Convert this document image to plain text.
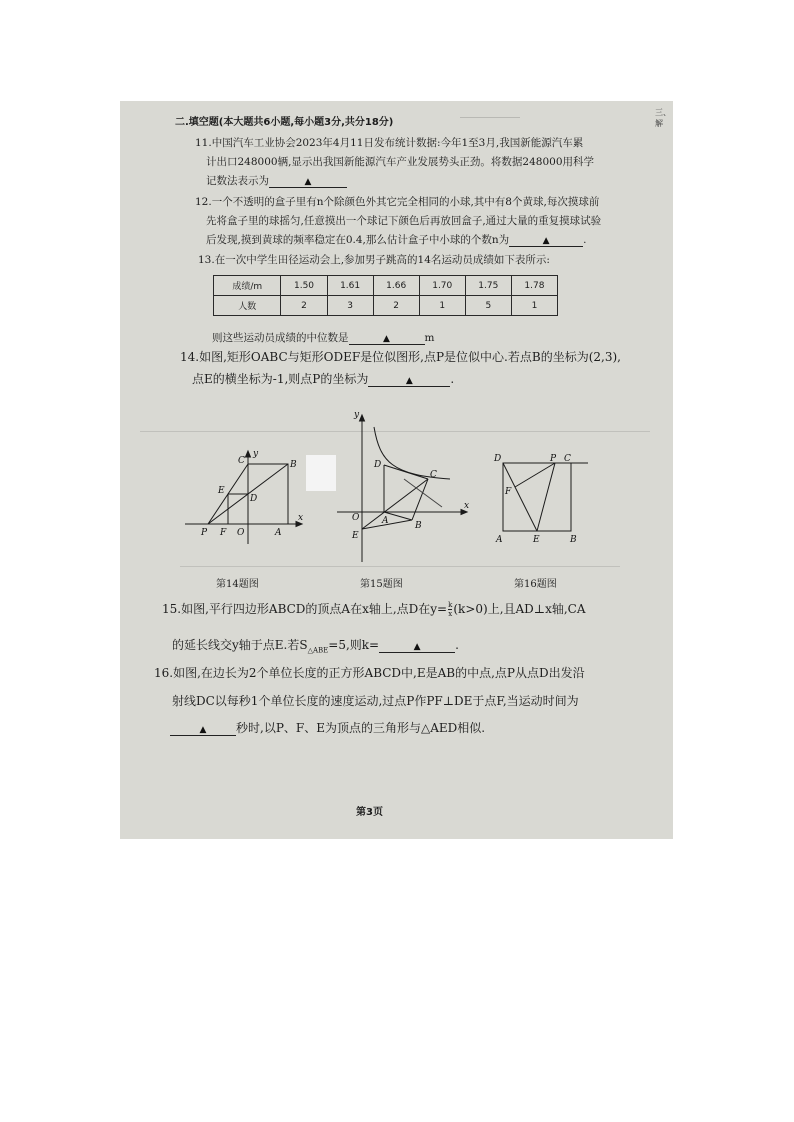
三、解
二.填空题(本大题共6小题,每小题3分,共分18分)
11.中国汽车工业协会2023年4月11日发布统计数据:今年1至3月,我国新能源汽车累
计出口248000辆,显示出我国新能源汽车产业发展势头正劲。将数据248000用科学
记数法表示为	▲
12.一个不透明的盒子里有n个除颜色外其它完全相同的小球,其中有8个黄球,每次摸球前
先将盒子里的球摇匀,任意摸出一个球记下颜色后再放回盒子,通过大量的重复摸球试验
后发现,摸到黄球的频率稳定在0.4,那么估计盒子中小球的个数n为	▲	.
13.在一次中学生田径运动会上,参加男子跳高的14名运动员成绩如下表所示:
成绩/m	1.50	1.61	1.66	1.70	1.75	1.78
人数	2	3	2	1	5	1
则这些运动员成绩的中位数是	▲	m
14.如图,矩形OABC与矩形ODEF是位似图形,点P是位似中心.若点B的坐标为(2,3),
点E的横坐标为-1,则点P的坐标为	▲	.
C	B
E
D
P F O	A
x
y
y
x
D
C
O	A	B
E
D	P C
F
A	E	B
第14题图	第15题图	第16题图
15.如图,平行四边形ABCD的顶点A在x轴上,点D在$y= \frac{k}{x} (k>0)$上,且AD⊥x轴,CA
的延长线交y轴于点E.若$S_{\triangle ABE}=5$,则k=	▲	.
16.如图,在边长为2个单位长度的正方形ABCD中,E是AB的中点,点P从点D出发沿
射线DC以每秒1个单位长度的速度运动,过点P作PF⊥DE于点F,当运动时间为
▲ 秒时,以P、F、E为顶点的三角形与△AED相似.
第3页
